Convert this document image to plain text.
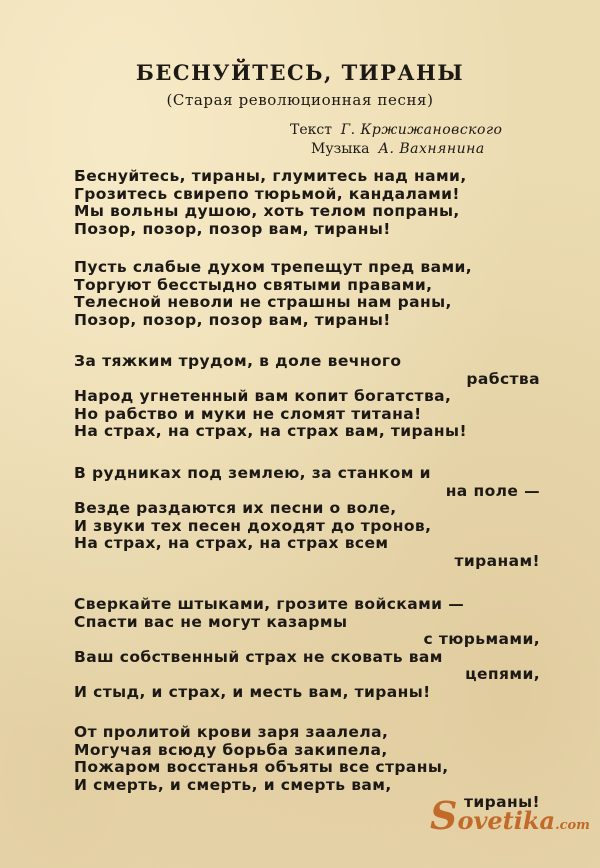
БЕСНУЙТЕСЬ, ТИРАНЫ
(Старая революционная песня)
Текст Г. Кржижановского
Музыка А. Вахнянина
Беснуйтесь, тираны, глумитесь над нами,
Грозитесь свирепо тюрьмой, кандалами!
Мы вольны душою, хоть телом попраны,
Позор, позор, позор вам, тираны!
Пусть слабые духом трепещут пред вами,
Торгуют бесстыдно святыми правами,
Телесной неволи не страшны нам раны,
Позор, позор, позор вам, тираны!
За тяжким трудом, в доле вечного
рабства
Народ угнетенный вам копит богатства,
Но рабство и муки не сломят титана!
На страх, на страх, на страх вам, тираны!
В рудниках под землею, за станком и
на поле —
Везде раздаются их песни о воле,
И звуки тех песен доходят до тронов,
На страх, на страх, на страх всем
тиранам!
Сверкайте штыками, грозите войсками —
Спасти вас не могут казармы
с тюрьмами,
Ваш собственный страх не сковать вам
цепями,
И стыд, и страх, и месть вам, тираны!
От пролитой крови заря заалела,
Могучая всюду борьба закипела,
Пожаром восстанья объяты все страны,
И смерть, и смерть, и смерть вам,
тираны!
Sovetika.com
